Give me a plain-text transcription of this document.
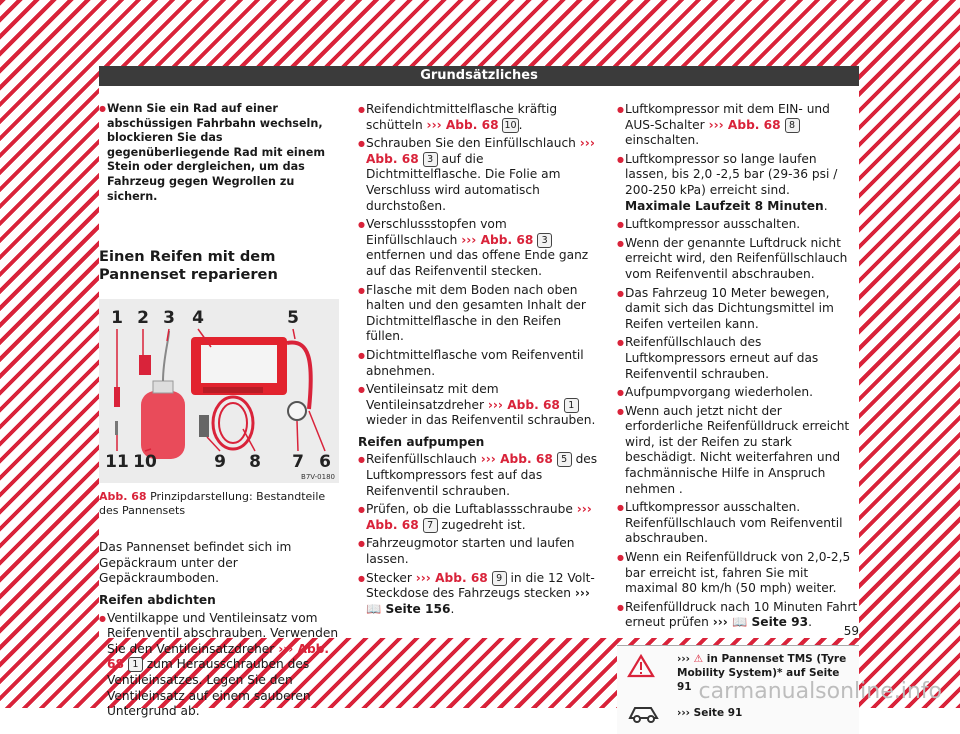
Grundsätzliches
● Wenn Sie ein Rad auf einer abschüssigen Fahrbahn wechseln, blockieren Sie das gegenüberliegende Rad mit einem Stein oder dergleichen, um das Fahrzeug gegen Wegrollen zu sichern.
Einen Reifen mit dem Pannenset reparieren
1 2 3 4	5
6
7
8
9
10
11
B7V-0180
Abb. 68 Prinzipdarstellung: Bestandteile des Pannensets
Das Pannenset befindet sich im Gepäckraum unter der Gepäckraumboden.
Reifen abdichten
● Ventilkappe und Ventileinsatz vom Reifenventil abschrauben. Verwenden Sie den Ventileinsatzdreher ››› Abb. 68 1 zum Herausschrauben des Ventileinsatzes. Legen Sie den Ventileinsatz auf einem sauberen Untergrund ab.
● Reifendichtmittelflasche kräftig schütteln ››› Abb. 68 10 .
● Schrauben Sie den Einfüllschlauch ››› Abb. 68 3 auf die Dichtmittelflasche. Die Folie am Verschluss wird automatisch durchstoßen.
● Verschlussstopfen vom Einfüllschlauch ››› Abb. 68 3 entfernen und das offene Ende ganz auf das Reifenventil stecken.
● Flasche mit dem Boden nach oben halten und den gesamten Inhalt der Dichtmittelflasche in den Reifen füllen.
● Dichtmittelflasche vom Reifenventil abnehmen.
● Ventileinsatz mit dem Ventileinsatzdreher ››› Abb. 68 1 wieder in das Reifenventil schrauben.
Reifen aufpumpen
● Reifenfüllschlauch ››› Abb. 68 5 des Luftkompressors fest auf das Reifenventil schrauben.
● Prüfen, ob die Luftablassschraube ››› Abb. 68 7 zugedreht ist.
● Fahrzeugmotor starten und laufen lassen.
● Stecker ››› Abb. 68 9 in die 12 Volt-Steckdose des Fahrzeugs stecken ››› 📖 Seite 156.
● Luftkompressor mit dem EIN- und AUS-Schalter ››› Abb. 68 8 einschalten.
● Luftkompressor so lange laufen lassen, bis 2,0 -2,5 bar (29-36 psi / 200-250 kPa) erreicht sind. Maximale Laufzeit 8 Minuten.
● Luftkompressor ausschalten.
● Wenn der genannte Luftdruck nicht erreicht wird, den Reifenfüllschlauch vom Reifenventil abschrauben.
● Das Fahrzeug 10 Meter bewegen, damit sich das Dichtungsmittel im Reifen verteilen kann.
● Reifenfüllschlauch des Luftkompressors erneut auf das Reifenventil schrauben.
● Aufpumpvorgang wiederholen.
● Wenn auch jetzt nicht der erforderliche Reifenfülldruck erreicht wird, ist der Reifen zu stark beschädigt. Nicht weiterfahren und fachmännische Hilfe in Anspruch nehmen .
● Luftkompressor ausschalten. Reifenfüllschlauch vom Reifenventil abschrauben.
● Wenn ein Reifenfülldruck von 2,0-2,5 bar erreicht ist, fahren Sie mit maximal 80 km/h (50 mph) weiter.
● Reifenfülldruck nach 10 Minuten Fahrt erneut prüfen ››› 📖 Seite 93.
››› ⚠ in Pannenset TMS (Tyre Mobility System)* auf Seite 91
››› Seite 91
59
carmanualsonline.info
